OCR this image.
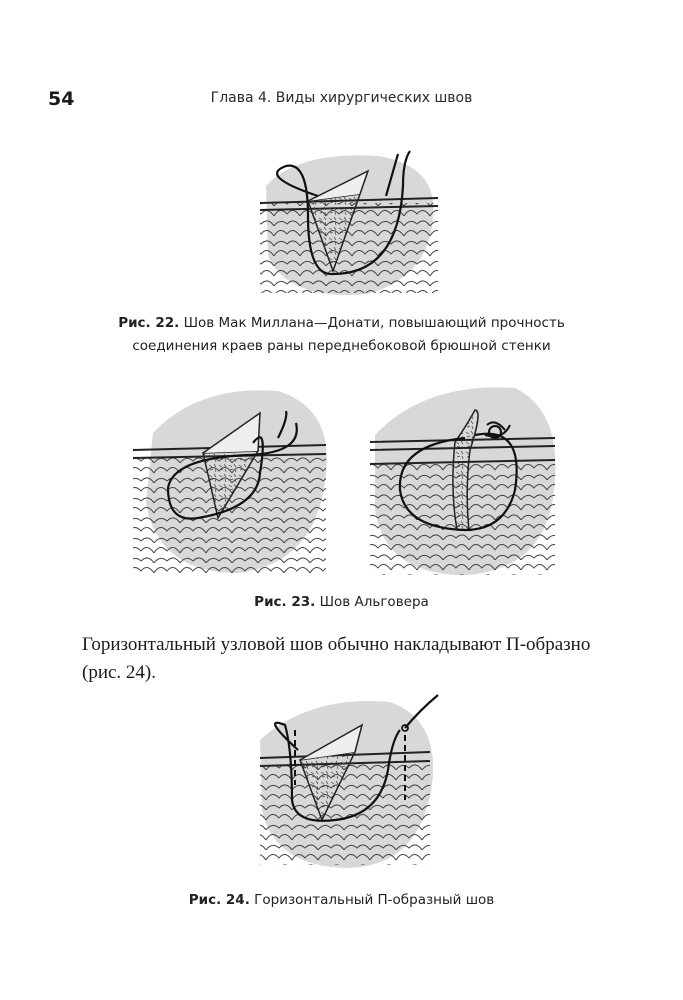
54	Глава 4. Виды хирургических швов
Рис. 22. Шов Мак Миллана—Донати, повышающий прочность
соединения краев раны переднебоковой брюшной стенки
Рис. 23. Шов Альговера

Горизонтальный узловой шов обычно накладывают П-образно (рис. 24).

Рис. 24. Горизонтальный П-образный шов
